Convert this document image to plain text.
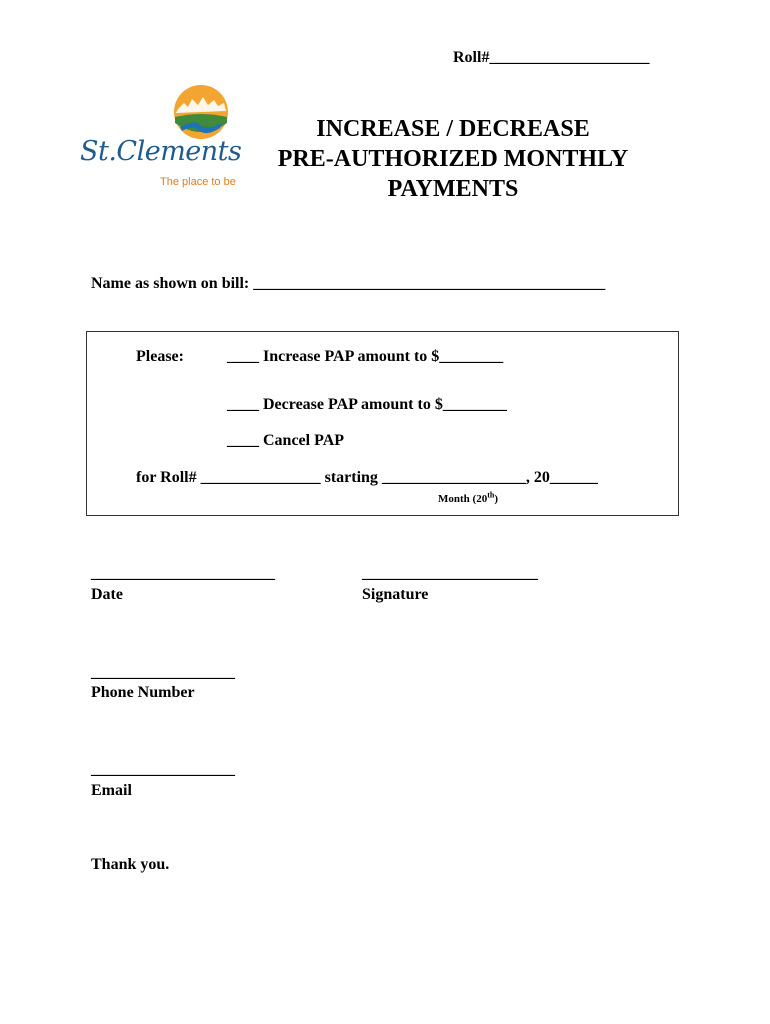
Roll#____________________
St.Clements
The place to be
INCREASE / DECREASE
PRE-AUTHORIZED MONTHLY
PAYMENTS
Name as shown on bill: ____________________________________________
Please:	____ Increase PAP amount to $________
____ Decrease PAP amount to $________
____ Cancel PAP
for Roll# _______________ starting __________________, 20______
Month (20th)
_______________________
Date
______________________
Signature
__________________
Phone Number
__________________
Email
Thank you.
